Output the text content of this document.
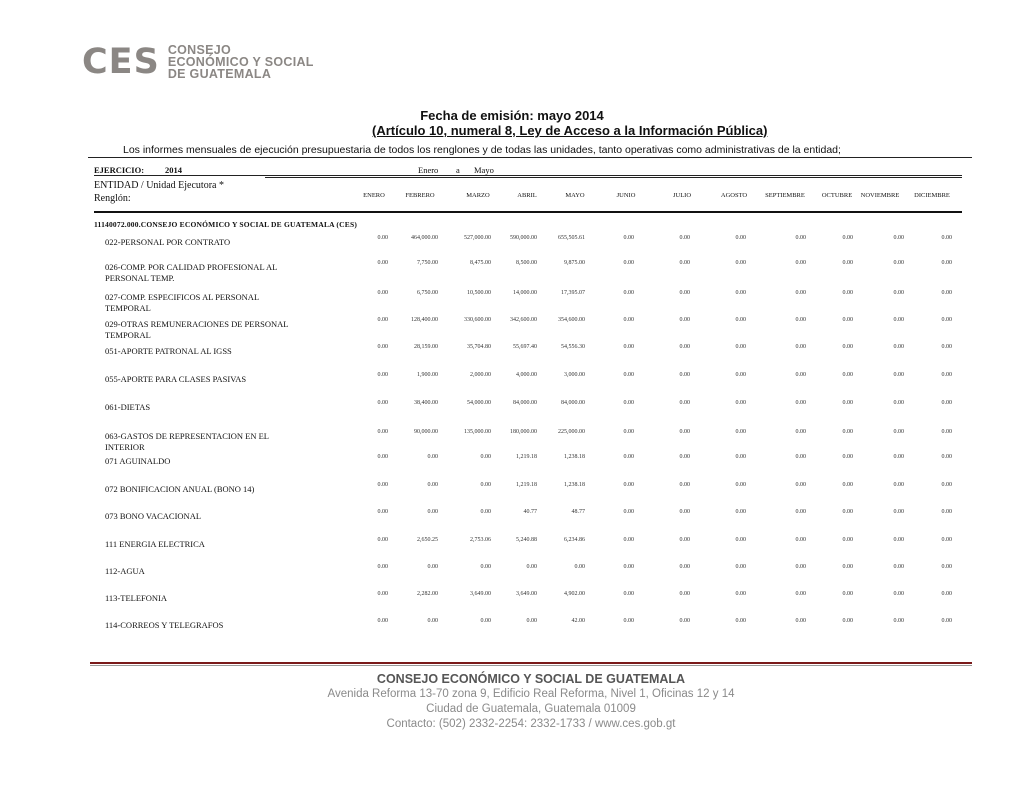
CES CONSEJO
ECONÓMICO Y SOCIAL
DE GUATEMALA
Fecha de emisión: mayo 2014
(Artículo 10, numeral 8, Ley de Acceso a la Información Pública)
Los informes mensuales de ejecución presupuestaria de todos los renglones y de todas las unidades, tanto operativas como administrativas de la entidad;
EJERCICIO: 2014	Enero a Mayo
ENTIDAD / Unidad Ejecutora *
Renglón:	ENERO	FEBRERO	MARZO	ABRIL	MAYO	JUNIO	JULIO	AGOSTO	SEPTIEMBRE	OCTUBRE	NOVIEMBRE	DICIEMBRE
11140072.000.CONSEJO ECONÓMICO Y SOCIAL DE GUATEMALA (CES)
022-PERSONAL POR CONTRATO	0.00	464,000.00	527,000.00	590,000.00	655,505.61	0.00	0.00	0.00	0.00	0.00	0.00	0.00
026-COMP. POR CALIDAD PROFESIONAL AL PERSONAL TEMP.
0.00	7,750.00	8,475.00	8,500.00	9,875.00	0.00	0.00	0.00	0.00	0.00	0.00	0.00
027-COMP. ESPECIFICOS AL PERSONAL TEMPORAL
0.00	6,750.00	10,500.00	14,000.00	17,395.07	0.00	0.00	0.00	0.00	0.00	0.00	0.00
029-OTRAS REMUNERACIONES DE PERSONAL TEMPORAL
0.00	128,400.00	330,600.00	342,600.00	354,600.00	0.00	0.00	0.00	0.00	0.00	0.00	0.00
051-APORTE PATRONAL AL IGSS	0.00	28,159.00	35,704.80	55,697.40	54,556.30	0.00	0.00	0.00	0.00	0.00	0.00	0.00
055-APORTE PARA CLASES PASIVAS	0.00	1,900.00	2,000.00	4,000.00	3,000.00	0.00	0.00	0.00	0.00	0.00	0.00	0.00
061-DIETAS	0.00	38,400.00	54,000.00	84,000.00	84,000.00	0.00	0.00	0.00	0.00	0.00	0.00	0.00
063-GASTOS DE REPRESENTACION EN EL INTERIOR
0.00	90,000.00	135,000.00	180,000.00	225,000.00	0.00	0.00	0.00	0.00	0.00	0.00	0.00
071 AGUINALDO	0.00	0.00	0.00	1,219.18	1,238.18	0.00	0.00	0.00	0.00	0.00	0.00	0.00
072 BONIFICACION ANUAL (BONO 14)	0.00	0.00	0.00	1,219.18	1,238.18	0.00	0.00	0.00	0.00	0.00	0.00	0.00
073 BONO VACACIONAL	0.00	0.00	0.00	40.77	48.77	0.00	0.00	0.00	0.00	0.00	0.00	0.00
111 ENERGIA ELECTRICA	0.00	2,650.25	2,753.06	5,240.88	6,234.86	0.00	0.00	0.00	0.00	0.00	0.00	0.00
112-AGUA	0.00	0.00	0.00	0.00	0.00	0.00	0.00	0.00	0.00	0.00	0.00	0.00
113-TELEFONIA	0.00	2,282.00	3,649.00	3,649.00	4,902.00	0.00	0.00	0.00	0.00	0.00	0.00	0.00
114-CORREOS Y TELEGRAFOS	0.00	0.00	0.00	0.00	42.00	0.00	0.00	0.00	0.00	0.00	0.00	0.00
CONSEJO ECONÓMICO Y SOCIAL DE GUATEMALA
Avenida Reforma 13-70 zona 9, Edificio Real Reforma, Nivel 1, Oficinas 12 y 14
Ciudad de Guatemala, Guatemala 01009
Contacto: (502) 2332-2254: 2332-1733 / www.ces.gob.gt
